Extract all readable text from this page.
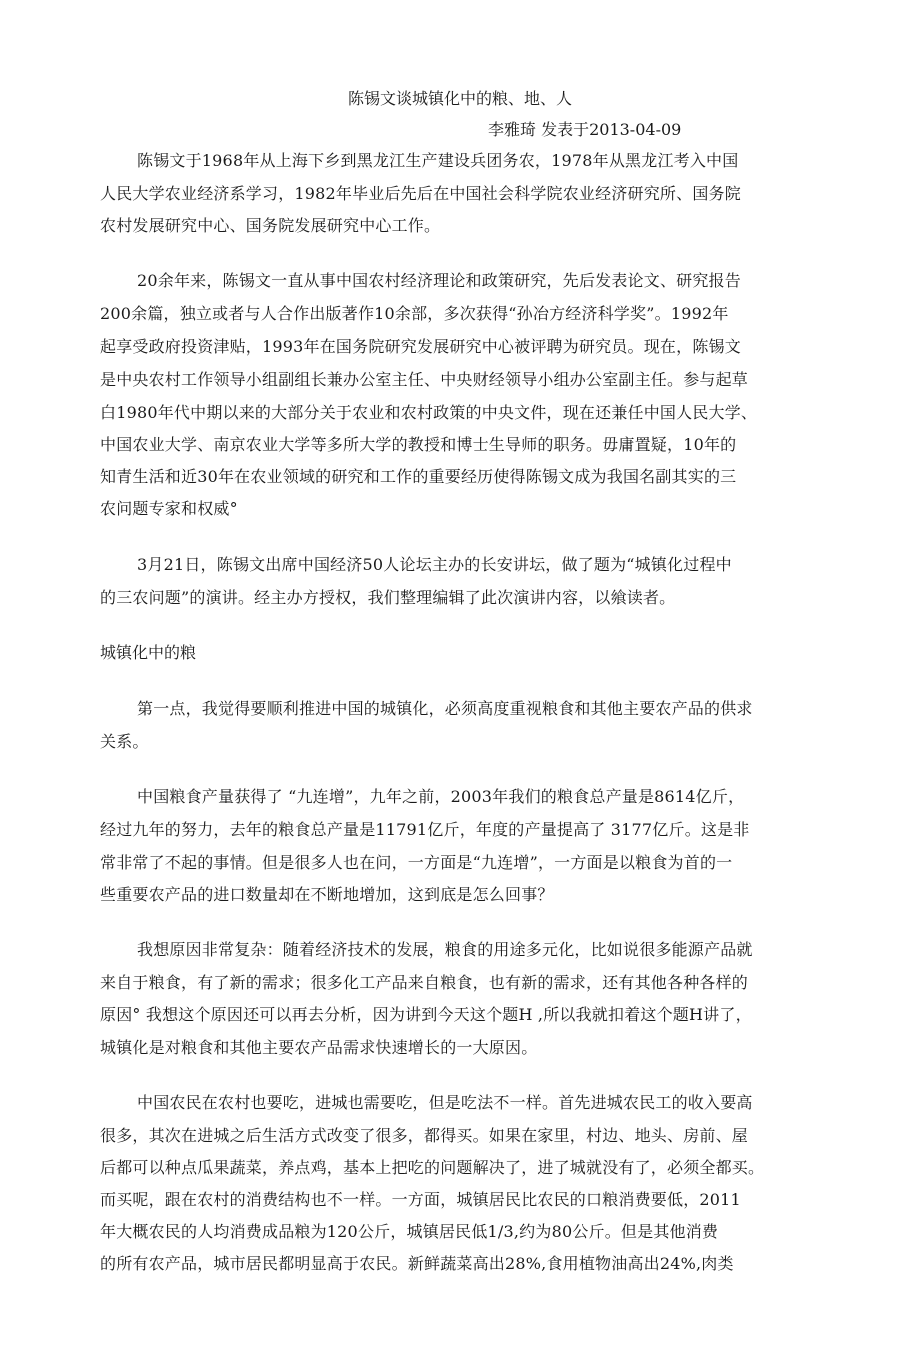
陈锡文谈城镇化中的粮、地、人
李雅琦 发表于2013-04-09
陈锡文于1968年从上海下乡到黑龙江生产建设兵团务农，1978年从黑龙江考入中国
人民大学农业经济系学习，1982年毕业后先后在中国社会科学院农业经济研究所、国务院
农村发展研究中心、国务院发展研究中心工作。
20余年来，陈锡文一直从事中国农村经济理论和政策研究，先后发表论文、研究报告
200余篇，独立或者与人合作出版著作10余部，多次获得“孙冶方经济科学奖”。1992年
起享受政府投资津贴，1993年在国务院研究发展研究中心被评聘为研究员。现在，陈锡文
是中央农村工作领导小组副组长兼办公室主任、中央财经领导小组办公室副主任。参与起草
白1980年代中期以来的大部分关于农业和农村政策的中央文件，现在还兼任中国人民大学、
中国农业大学、南京农业大学等多所大学的教授和博士生导师的职务。毋庸置疑，10年的
知青生活和近30年在农业领域的研究和工作的重要经历使得陈锡文成为我国名副其实的三
农问题专家和权威°
3月21日，陈锡文出席中国经济50人论坛主办的长安讲坛，做了题为“城镇化过程中
的三农问题”的演讲。经主办方授权，我们整理编辑了此次演讲内容，以飨读者。
城镇化中的粮
第一点，我觉得要顺利推进中国的城镇化，必须高度重视粮食和其他主要农产品的供求
关系。
中国粮食产量获得了 “九连增”，九年之前，2003年我们的粮食总产量是8614亿斤，
经过九年的努力，去年的粮食总产量是11791亿斤，年度的产量提高了 3177亿斤。这是非
常非常了不起的事情。但是很多人也在问，一方面是“九连增”，一方面是以粮食为首的一
些重要农产品的进口数量却在不断地增加，这到底是怎么回事？
我想原因非常复杂：随着经济技术的发展，粮食的用途多元化，比如说很多能源产品就
来自于粮食，有了新的需求；很多化工产品来自粮食，也有新的需求，还有其他各种各样的
原因° 我想这个原因还可以再去分析，因为讲到今天这个题H ,所以我就扣着这个题H讲了，
城镇化是对粮食和其他主要农产品需求快速增长的一大原因。
中国农民在农村也要吃，进城也需要吃，但是吃法不一样。首先进城农民工的收入要高
很多，其次在进城之后生活方式改变了很多，都得买。如果在家里，村边、地头、房前、屋
后都可以种点瓜果蔬菜，养点鸡，基本上把吃的问题解决了，进了城就没有了，必须全都买。
而买呢，跟在农村的消费结构也不一样。一方面，城镇居民比农民的口粮消费要低，2011
年大概农民的人均消费成品粮为120公斤，城镇居民低1/3,约为80公斤。但是其他消费
的所有农产品，城市居民都明显高于农民。新鲜蔬菜高出28%,食用植物油高出24%,肉类
